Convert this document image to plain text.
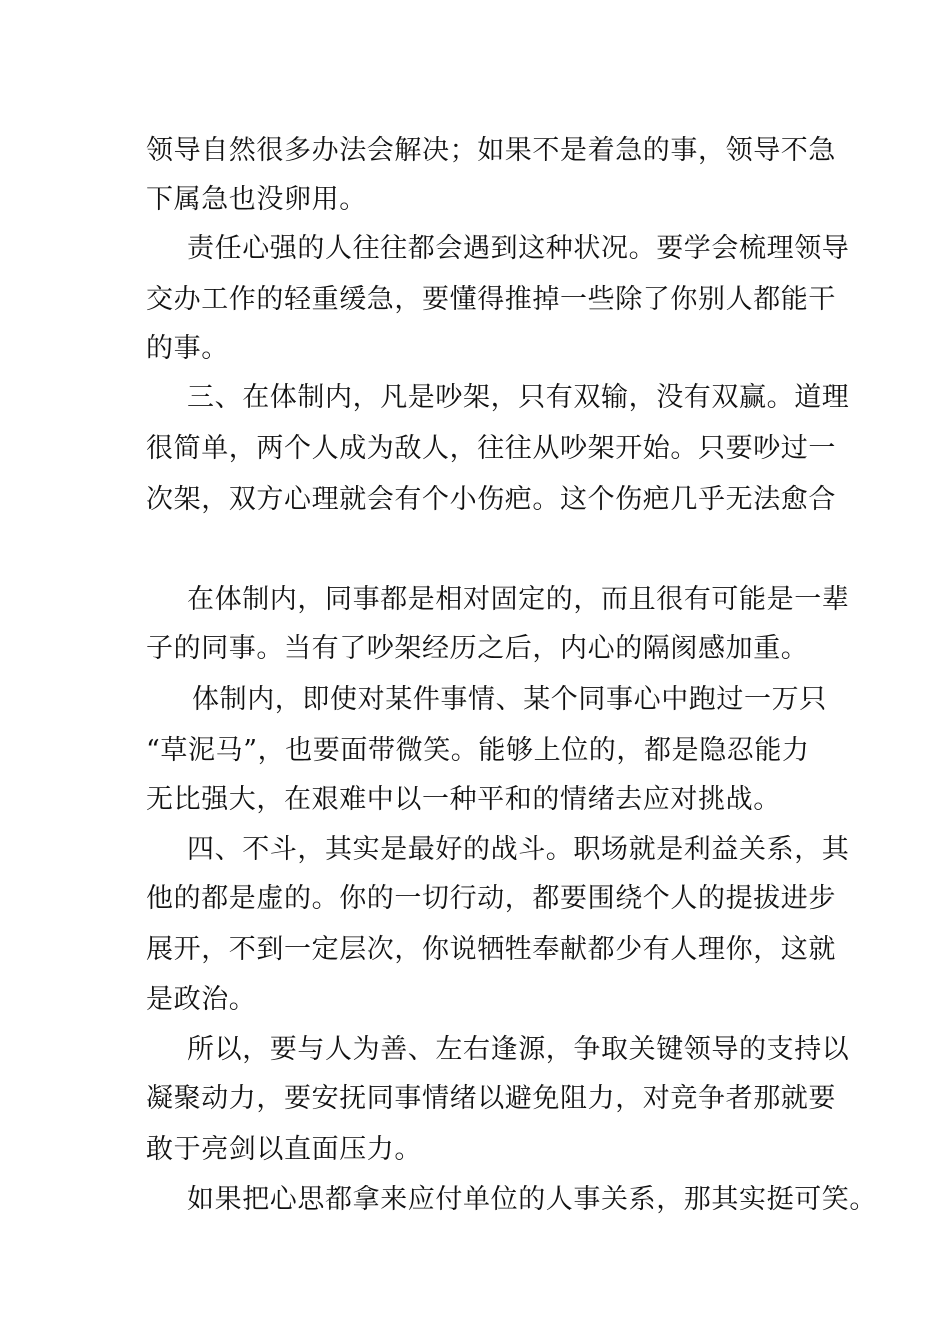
领导自然很多办法会解决；如果不是着急的事，领导不急
下属急也没卵用。
责任心强的人往往都会遇到这种状况。要学会梳理领导
交办工作的轻重缓急，要懂得推掉一些除了你别人都能干
的事。
三、在体制内，凡是吵架，只有双输，没有双赢。道理
很简单，两个人成为敌人，往往从吵架开始。只要吵过一
次架，双方心理就会有个小伤疤。这个伤疤几乎无法愈合
在体制内，同事都是相对固定的，而且很有可能是一辈
子的同事。当有了吵架经历之后，内心的隔阂感加重。
体制内，即使对某件事情、某个同事心中跑过一万只
“草泥马”，也要面带微笑。能够上位的，都是隐忍能力
无比强大，在艰难中以一种平和的情绪去应对挑战。
四、不斗，其实是最好的战斗。职场就是利益关系，其
他的都是虚的。你的一切行动，都要围绕个人的提拔进步
展开，不到一定层次，你说牺牲奉献都少有人理你，这就
是政治。
所以，要与人为善、左右逢源，争取关键领导的支持以
凝聚动力，要安抚同事情绪以避免阻力，对竞争者那就要
敢于亮剑以直面压力。
如果把心思都拿来应付单位的人事关系，那其实挺可笑。
